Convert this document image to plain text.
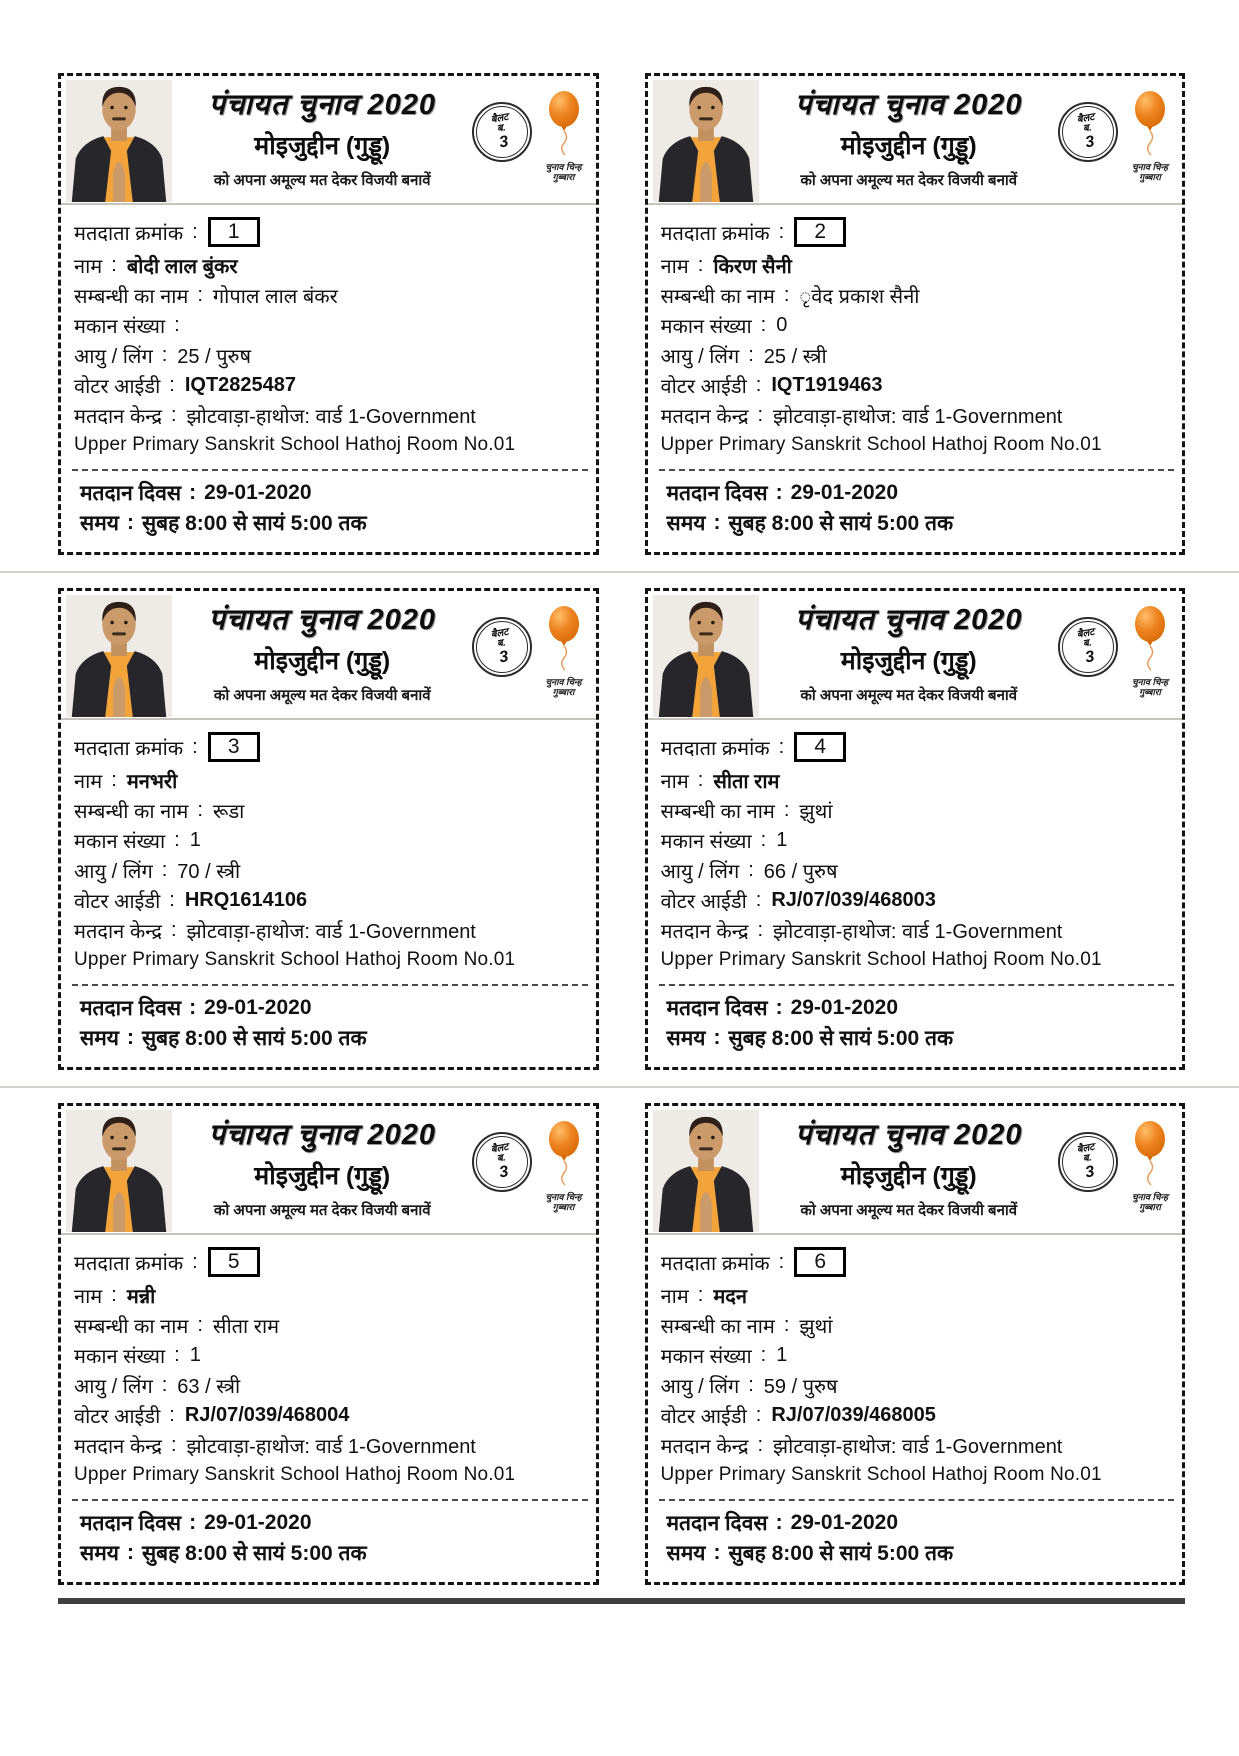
पंचायत चुनाव 2020
मोइजुद्दीन (गुड्डू)
को अपना अमूल्य मत देकर विजयी बनावें
बैलट
ब.
3
चुनाव चिन्ह
गुब्बारा
मतदाता क्रमांक :	1
नाम : बोदी लाल बुंकर
सम्बन्धी का नाम : गोपाल लाल बंकर
मकान संख्या :
आयु / लिंग : 25 / पुरुष
वोटर आईडी : IQT2825487
मतदान केन्द्र : झोटवाड़ा-हाथोज: वार्ड 1-Government
Upper Primary Sanskrit School Hathoj Room No.01
मतदान दिवस : 29-01-2020
समय : सुबह 8:00 से सायं 5:00 तक
पंचायत चुनाव 2020
मोइजुद्दीन (गुड्डू)
को अपना अमूल्य मत देकर विजयी बनावें
बैलट
ब.
3
चुनाव चिन्ह
गुब्बारा
मतदाता क्रमांक :	2
नाम : किरण सैनी
सम्बन्धी का नाम : ◌ृवेद प्रकाश सैनी
मकान संख्या : 0
आयु / लिंग : 25 / स्त्री
वोटर आईडी : IQT1919463
मतदान केन्द्र : झोटवाड़ा-हाथोज: वार्ड 1-Government
Upper Primary Sanskrit School Hathoj Room No.01
मतदान दिवस : 29-01-2020
समय : सुबह 8:00 से सायं 5:00 तक
पंचायत चुनाव 2020
मोइजुद्दीन (गुड्डू)
को अपना अमूल्य मत देकर विजयी बनावें
बैलट
ब.
3
चुनाव चिन्ह
गुब्बारा
मतदाता क्रमांक :	3
नाम : मनभरी
सम्बन्धी का नाम : रूडा
मकान संख्या : 1
आयु / लिंग : 70 / स्त्री
वोटर आईडी : HRQ1614106
मतदान केन्द्र : झोटवाड़ा-हाथोज: वार्ड 1-Government
Upper Primary Sanskrit School Hathoj Room No.01
मतदान दिवस : 29-01-2020
समय : सुबह 8:00 से सायं 5:00 तक
पंचायत चुनाव 2020
मोइजुद्दीन (गुड्डू)
को अपना अमूल्य मत देकर विजयी बनावें
बैलट
ब.
3
चुनाव चिन्ह
गुब्बारा
मतदाता क्रमांक :	4
नाम : सीता राम
सम्बन्धी का नाम : झुथां
मकान संख्या : 1
आयु / लिंग : 66 / पुरुष
वोटर आईडी : RJ/07/039/468003
मतदान केन्द्र : झोटवाड़ा-हाथोज: वार्ड 1-Government
Upper Primary Sanskrit School Hathoj Room No.01
मतदान दिवस : 29-01-2020
समय : सुबह 8:00 से सायं 5:00 तक
पंचायत चुनाव 2020
मोइजुद्दीन (गुड्डू)
को अपना अमूल्य मत देकर विजयी बनावें
बैलट
ब.
3
चुनाव चिन्ह
गुब्बारा
मतदाता क्रमांक :	5
नाम : मन्नी
सम्बन्धी का नाम : सीता राम
मकान संख्या : 1
आयु / लिंग : 63 / स्त्री
वोटर आईडी : RJ/07/039/468004
मतदान केन्द्र : झोटवाड़ा-हाथोज: वार्ड 1-Government
Upper Primary Sanskrit School Hathoj Room No.01
मतदान दिवस : 29-01-2020
समय : सुबह 8:00 से सायं 5:00 तक
पंचायत चुनाव 2020
मोइजुद्दीन (गुड्डू)
को अपना अमूल्य मत देकर विजयी बनावें
बैलट
ब.
3
चुनाव चिन्ह
गुब्बारा
मतदाता क्रमांक :	6
नाम : मदन
सम्बन्धी का नाम : झुथां
मकान संख्या : 1
आयु / लिंग : 59 / पुरुष
वोटर आईडी : RJ/07/039/468005
मतदान केन्द्र : झोटवाड़ा-हाथोज: वार्ड 1-Government
Upper Primary Sanskrit School Hathoj Room No.01
मतदान दिवस : 29-01-2020
समय : सुबह 8:00 से सायं 5:00 तक
